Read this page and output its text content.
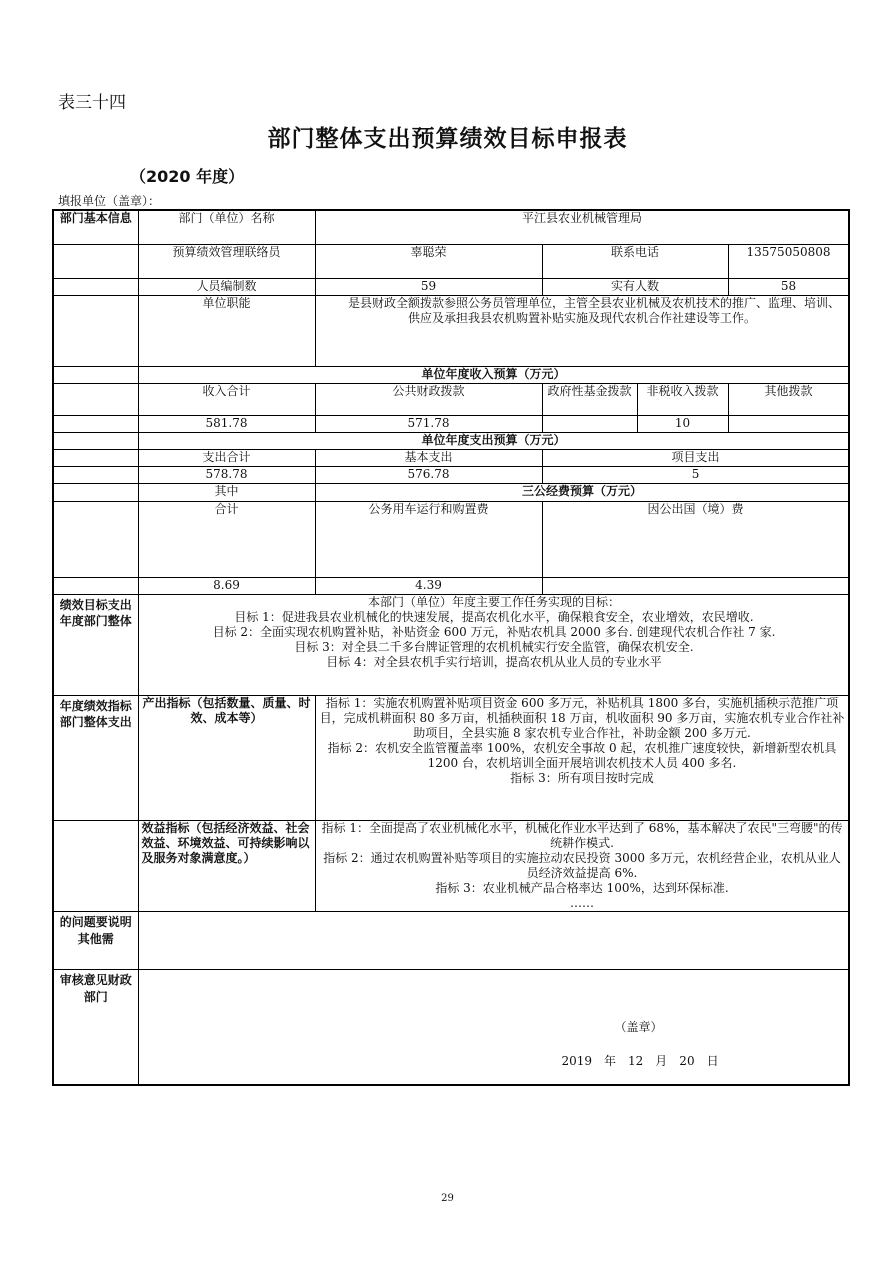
表三十四
部门整体支出预算绩效目标申报表
（2020 年度）
填报单位（盖章）：
部门基本信息	部门（单位）名称	平江县农业机械管理局				
	预算绩效管理联络员	辜聪荣	联系电话		13575050808	
	人员编制数	59	实有人数		58	
	单位职能	是县财政全额拨款参照公务员管理单位，主管全县农业机械及农机技术的推广、监理、培训、供应及承担我县农机购置补贴实施及现代农机合作社建设等工作。				
	单位年度收入预算（万元）					
	收入合计	公共财政拨款	政府性基金拨款	非税收入拨款	其他拨款	
	581.78	571.78		10		
	单位年度支出预算（万元）					
	支出合计	基本支出	项目支出			
	578.78	576.78	5			
	其中	三公经费预算（万元）				
	合计	公务用车运行和购置费	因公出国（境）费	
	8.69	4.39		
绩效目标支出年度部门整体	本部门（单位）年度主要工作任务实现的目标：
目标 1：促进我县农业机械化的快速发展，提高农机化水平，确保粮食安全，农业增效，农民增收.
目标 2：全面实现农机购置补贴，补贴资金 600 万元，补贴农机具 2000 多台. 创建现代农机合作社 7 家.
目标 3：对全县二千多台牌证管理的农机机械实行安全监管，确保农机安全.
目标 4：对全县农机手实行培训，提高农机从业人员的专业水平					

年度绩效指标部门整体支出	产出指标（包括数量、质量、时效、成本等）	指标 1：实施农机购置补贴项目资金 600 多万元，补贴机具 1800 多台，实施机插秧示范推广项目，完成机耕面积 80 多万亩，机插秧面积 18 万亩，机收面积 90 多万亩，实施农机专业合作社补助项目，全县实施 8 家农机专业合作社，补助金额 200 多万元.
指标 2：农机安全监管覆盖率 100%，农机安全事故 0 起，农机推广速度较快，新增新型农机具 1200 台，农机培训全面开展培训农机技术人员 400 多名.
指标 3：所有项目按时完成				

	效益指标（包括经济效益、社会效益、环境效益、可持续影响以及服务对象满意度。）	指标 1：全面提高了农业机械化水平，机械化作业水平达到了 68%，基本解决了农民"三弯腰"的传统耕作模式.
指标 2：通过农机购置补贴等项目的实施拉动农民投资 3000 多万元，农机经营企业，农机从业人员经济效益提高 6%.
指标 3：农业机械产品合格率达 100%，达到环保标准.
……				

的问题要说明其他需						
审核意见财政部门	（盖章）
2019　年　12　月　20　日					
29
